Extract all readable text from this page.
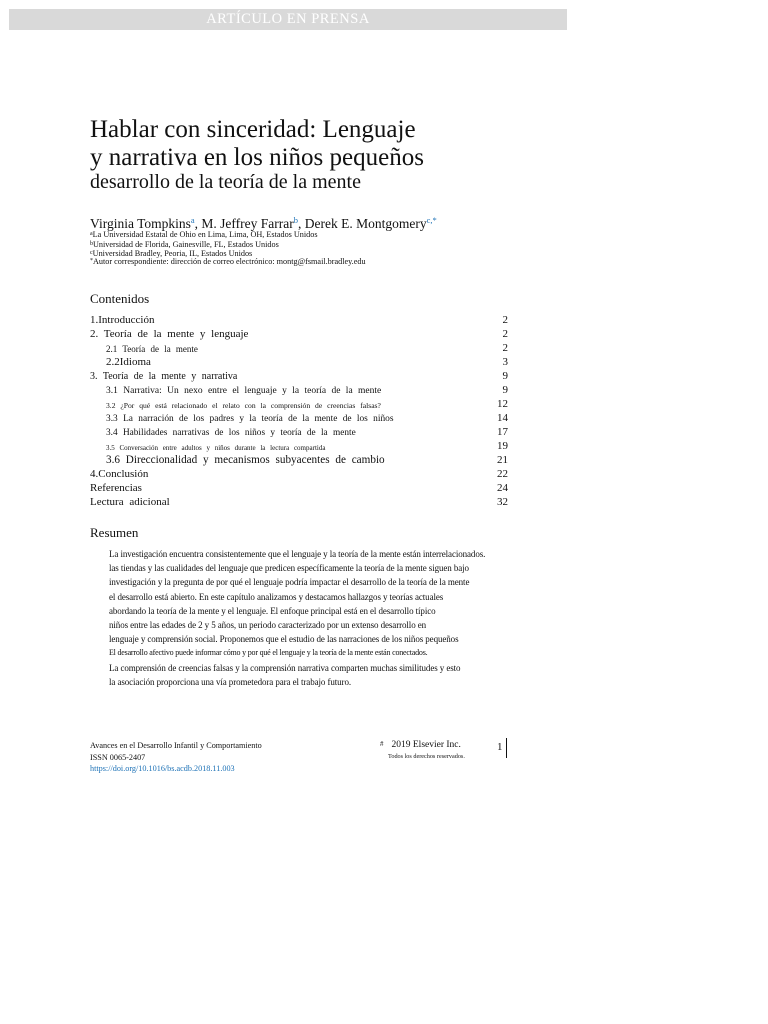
ARTÍCULO EN PRENSA
Hablar con sinceridad: Lenguaje
y narrativa en los niños pequeños
desarrollo de la teoría de la mente
Virginia Tompkins$^a$, M. Jeffrey Farrar$^b$, Derek E. Montgomery$^{c,*}$
$^a$La Universidad Estatal de Ohio en Lima, Lima, OH, Estados Unidos
$^b$Universidad de Florida, Gainesville, FL, Estados Unidos
$^c$Universidad Bradley, Peoria, IL, Estados Unidos
*Autor correspondiente: dirección de correo electrónico: montg@fsmail.bradley.edu
Contenidos
1.Introducción	2
2. Teoría de la mente y lenguaje	2
2.1 Teoría de la mente	2
2.2Idioma	3
3. Teoría de la mente y narrativa	9
3.1 Narrativa: Un nexo entre el lenguaje y la teoría de la mente	9
3.2 ¿Por qué está relacionado el relato con la comprensión de creencias falsas?	12
3.3 La narración de los padres y la teoría de la mente de los niños	14
3.4 Habilidades narrativas de los niños y teoría de la mente	17
3.5 Conversación entre adultos y niños durante la lectura compartida	19
3.6 Direccionalidad y mecanismos subyacentes de cambio	21
4.Conclusión	22
Referencias	24
Lectura adicional	32
Resumen
La investigación encuentra consistentemente que el lenguaje y la teoría de la mente están interrelacionados.
las tiendas y las cualidades del lenguaje que predicen específicamente la teoría de la mente siguen bajo
investigación y la pregunta de por qué el lenguaje podría impactar el desarrollo de la teoría de la mente
el desarrollo está abierto. En este capítulo analizamos y destacamos hallazgos y teorías actuales
abordando la teoría de la mente y el lenguaje. El enfoque principal está en el desarrollo típico
niños entre las edades de 2 y 5 años, un periodo caracterizado por un extenso desarrollo en
lenguaje y comprensión social. Proponemos que el estudio de las narraciones de los niños pequeños
El desarrollo afectivo puede informar cómo y por qué el lenguaje y la teoría de la mente están conectados.
La comprensión de creencias falsas y la comprensión narrativa comparten muchas similitudes y esto
la asociación proporciona una vía prometedora para el trabajo futuro.
Avances en el Desarrollo Infantil y Comportamiento
ISSN 0065-2407
https://doi.org/10.1016/bs.acdb.2018.11.003
# 2019 Elsevier Inc.
Todos los derechos reservados.
1
